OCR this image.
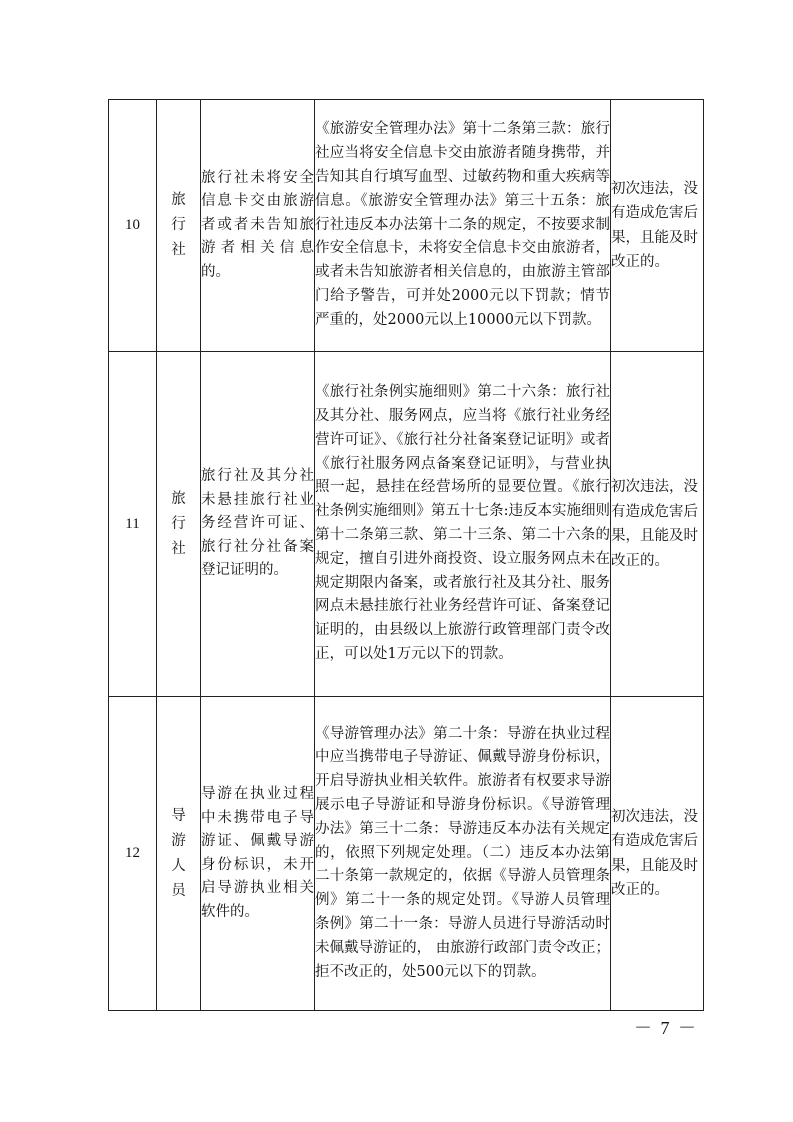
10	旅行社	旅行社未将安全信息卡交由旅游者或者未告知旅游者相关信息的。	《旅游安全管理办法》第十二条第三款：旅行社应当将安全信息卡交由旅游者随身携带，并告知其自行填写血型、过敏药物和重大疾病等信息。《旅游安全管理办法》第三十五条：旅行社违反本办法第十二条的规定，不按要求制作安全信息卡，未将安全信息卡交由旅游者，或者未告知旅游者相关信息的，由旅游主管部门给予警告，可并处2000元以下罚款；情节严重的，处2000元以上10000元以下罚款。	初次违法，没有造成危害后果，且能及时改正的。
11	旅行社	旅行社及其分社未悬挂旅行社业务经营许可证、旅行社分社备案登记证明的。	《旅行社条例实施细则》第二十六条：旅行社及其分社、服务网点，应当将《旅行社业务经营许可证》、《旅行社分社备案登记证明》或者《旅行社服务网点备案登记证明》，与营业执照一起，悬挂在经营场所的显要位置。《旅行社条例实施细则》第五十七条:违反本实施细则第十二条第三款、第二十三条、第二十六条的规定，擅自引进外商投资、设立服务网点未在规定期限内备案，或者旅行社及其分社、服务网点未悬挂旅行社业务经营许可证、备案登记证明的，由县级以上旅游行政管理部门责令改正，可以处1万元以下的罚款。	初次违法，没有造成危害后果，且能及时改正的。
12	导游人员	导游在执业过程中未携带电子导游证、佩戴导游身份标识，未开启导游执业相关软件的。	《导游管理办法》第二十条：导游在执业过程中应当携带电子导游证、佩戴导游身份标识，开启导游执业相关软件。旅游者有权要求导游展示电子导游证和导游身份标识。《导游管理办法》第三十二条：导游违反本办法有关规定的，依照下列规定处理。（二）违反本办法第二十条第一款规定的，依据《导游人员管理条例》第二十一条的规定处罚。《导游人员管理条例》第二十一条：导游人员进行导游活动时未佩戴导游证的， 由旅游行政部门责令改正；拒不改正的，处500元以下的罚款。	初次违法，没有造成危害后果，且能及时改正的。
－ 7 －
